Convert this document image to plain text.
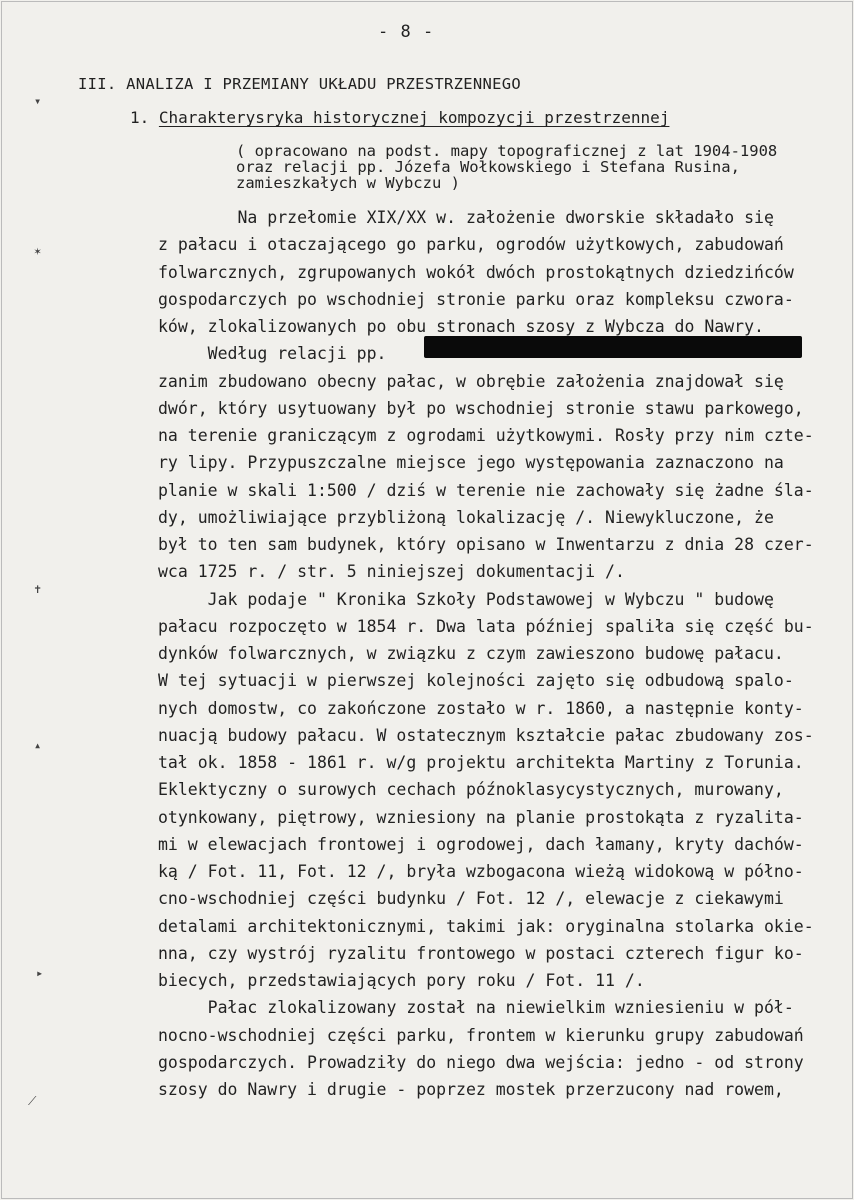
- 8 -
III. ANALIZA I PRZEMIANY UKŁADU PRZESTRZENNEGO
1. Charakterysryka historycznej kompozycji przestrzennej
( opracowano na podst. mapy topograficznej z lat 1904-1908
oraz relacji pp. Józefa Wołkowskiego i Stefana Rusina,
zamieszkałych w Wybczu )
Na przełomie XIX/XX w. założenie dworskie składało się
z pałacu i otaczającego go parku, ogrodów użytkowych, zabudowań
folwarcznych, zgrupowanych wokół dwóch prostokątnych dziedzińców
gospodarczych po wschodniej stronie parku oraz kompleksu czwora-
ków, zlokalizowanych po obu stronach szosy z Wybcza do Nawry.
Według relacji pp.
zanim zbudowano obecny pałac, w obrębie założenia znajdował się
dwór, który usytuowany był po wschodniej stronie stawu parkowego,
na terenie graniczącym z ogrodami użytkowymi. Rosły przy nim czte-
ry lipy. Przypuszczalne miejsce jego występowania zaznaczono na
planie w skali 1:500 / dziś w terenie nie zachowały się żadne śla-
dy, umożliwiające przybliżoną lokalizację /. Niewykluczone, że
był to ten sam budynek, który opisano w Inwentarzu z dnia 28 czer-
wca 1725 r. / str. 5 niniejszej dokumentacji /.
Jak podaje " Kronika Szkoły Podstawowej w Wybczu " budowę
pałacu rozpoczęto w 1854 r. Dwa lata później spaliła się część bu-
dynków folwarcznych, w związku z czym zawieszono budowę pałacu.
W tej sytuacji w pierwszej kolejności zajęto się odbudową spalo-
nych domostw, co zakończone zostało w r. 1860, a następnie konty-
nuacją budowy pałacu. W ostatecznym kształcie pałac zbudowany zos-
tał ok. 1858 - 1861 r. w/g projektu architekta Martiny z Torunia.
Eklektyczny o surowych cechach późnoklasycystycznych, murowany,
otynkowany, piętrowy, wzniesiony na planie prostokąta z ryzalita-
mi w elewacjach frontowej i ogrodowej, dach łamany, kryty dachów-
ką / Fot. 11, Fot. 12 /, bryła wzbogacona wieżą widokową w półno-
cno-wschodniej części budynku / Fot. 12 /, elewacje z ciekawymi
detalami architektonicznymi, takimi jak: oryginalna stolarka okie-
nna, czy wystrój ryzalitu frontowego w postaci czterech figur ko-
biecych, przedstawiających pory roku / Fot. 11 /.
Pałac zlokalizowany został na niewielkim wzniesieniu w pół-
nocno-wschodniej części parku, frontem w kierunku grupy zabudowań
gospodarczych. Prowadziły do niego dwa wejścia: jedno - od strony
szosy do Nawry i drugie - poprzez mostek przerzucony nad rowem,
▾
✶
✝
▴
▸
⟋
